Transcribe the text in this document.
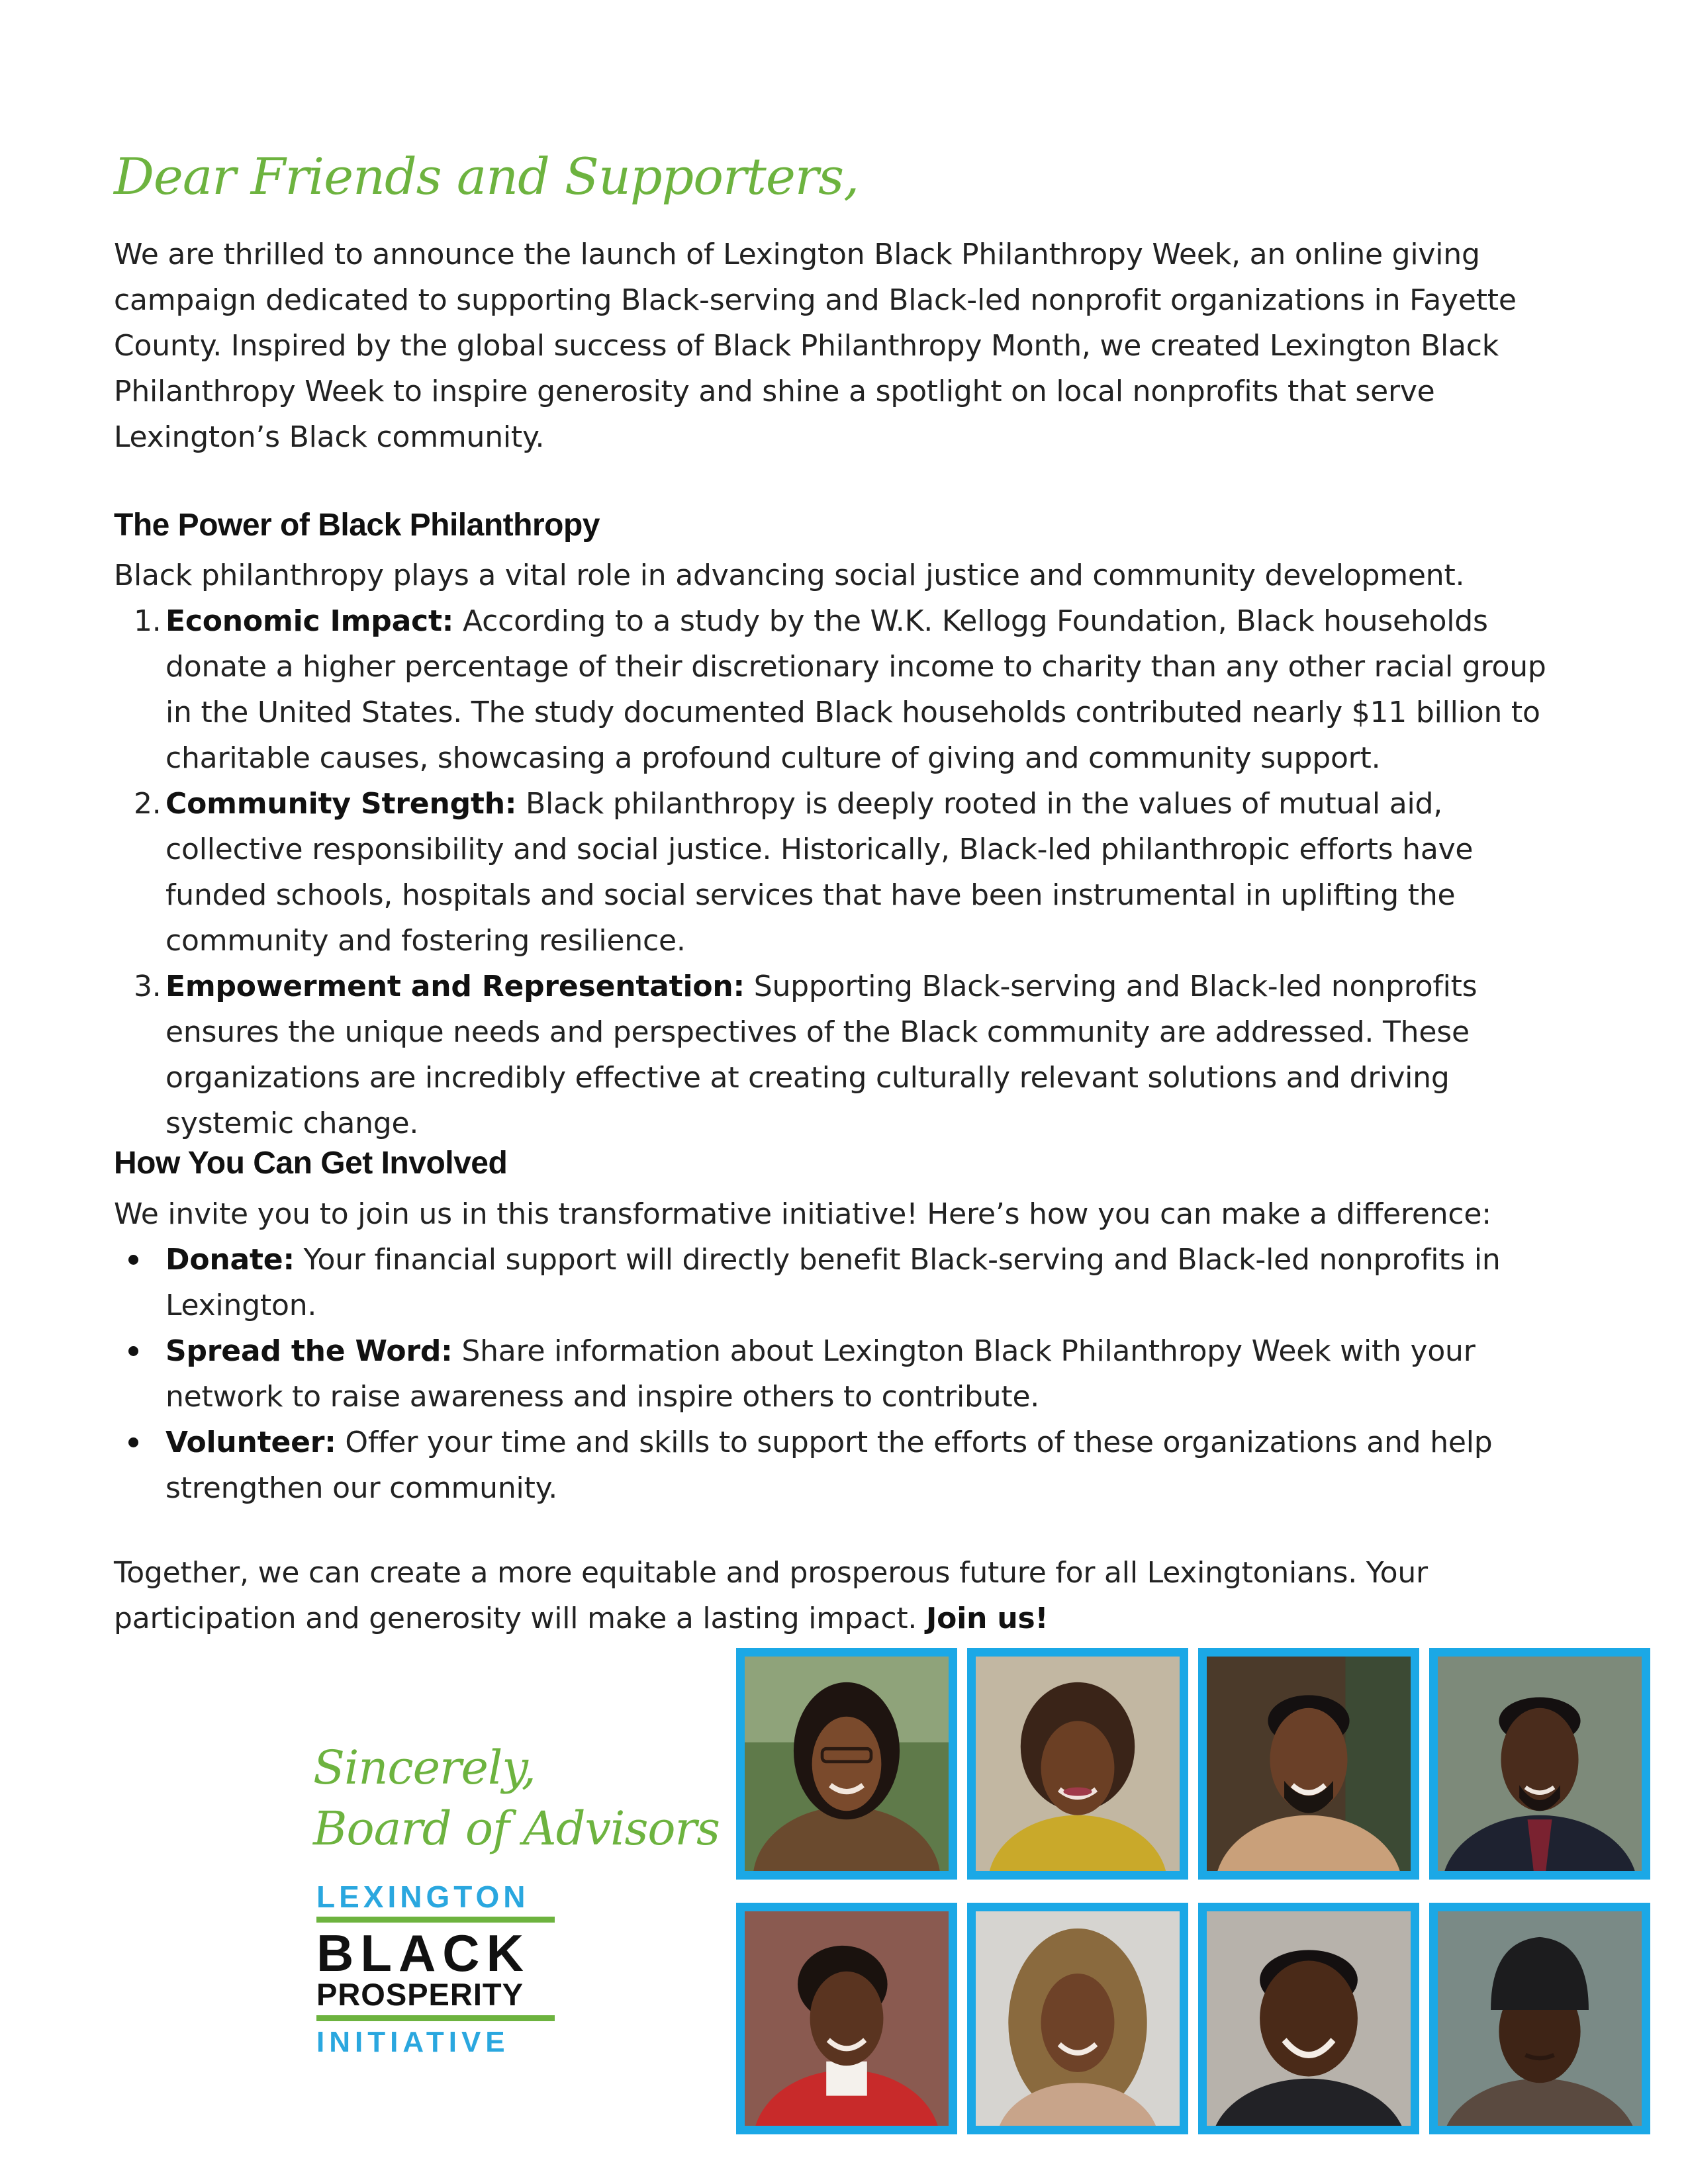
Dear Friends and Supporters,

We are thrilled to announce the launch of Lexington Black Philanthropy Week, an online giving campaign dedicated to supporting Black-serving and Black-led nonprofit organizations in Fayette County. Inspired by the global success of Black Philanthropy Month, we created Lexington Black Philanthropy Week to inspire generosity and shine a spotlight on local nonprofits that serve Lexington’s Black community.

The Power of Black Philanthropy

Black philanthropy plays a vital role in advancing social justice and community development.

1. Economic Impact: According to a study by the W.K. Kellogg Foundation, Black households donate a higher percentage of their discretionary income to charity than any other racial group in the United States. The study documented Black households contributed nearly $11 billion to charitable causes, showcasing a profound culture of giving and community support.
2. Community Strength: Black philanthropy is deeply rooted in the values of mutual aid, collective responsibility and social justice. Historically, Black-led philanthropic efforts have funded schools, hospitals and social services that have been instrumental in uplifting the community and fostering resilience.
3. Empowerment and Representation: Supporting Black-serving and Black-led nonprofits ensures the unique needs and perspectives of the Black community are addressed. These organizations are incredibly effective at creating culturally relevant solutions and driving systemic change.
How You Can Get Involved

We invite you to join us in this transformative initiative! Here’s how you can make a difference:

Donate: Your financial support will directly benefit Black-serving and Black-led nonprofits in Lexington.
Spread the Word: Share information about Lexington Black Philanthropy Week with your network to raise awareness and inspire others to contribute.
Volunteer: Offer your time and skills to support the efforts of these organizations and help strengthen our community.

Together, we can create a more equitable and prosperous future for all Lexingtonians. Your participation and generosity will make a lasting impact. Join us!

Sincerely,
Board of Advisors
LEXINGTON
BLACK
PROSPERITY
INITIATIVE
